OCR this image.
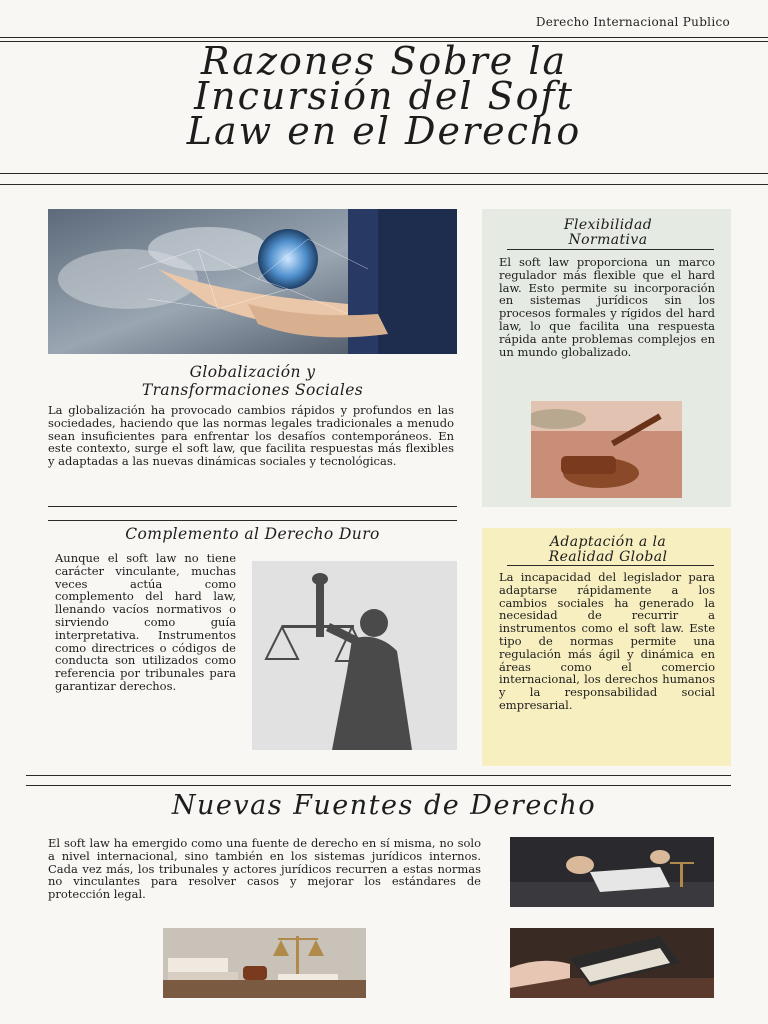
Derecho Internacional Publico
Razones Sobre la
Incursión del Soft
Law en el Derecho
Globalización y
Transformaciones Sociales
La globalización ha provocado cambios rápidos y profundos en las sociedades, haciendo que las normas legales tradicionales a menudo sean insuficientes para enfrentar los desafíos contemporáneos. En este contexto, surge el soft law, que facilita respuestas más flexibles y adaptadas a las nuevas dinámicas sociales y tecnológicas.
Flexibilidad
Normativa
El soft law proporciona un marco regulador más flexible que el hard law. Esto permite su incorporación en sistemas jurídicos sin los procesos formales y rígidos del hard law, lo que facilita una respuesta rápida ante problemas complejos en un mundo globalizado.
Complemento al Derecho Duro
Aunque el soft law no tiene carácter vinculante, muchas veces actúa como complemento del hard law, llenando vacíos normativos o sirviendo como guía interpretativa. Instrumentos como directrices o códigos de conducta son utilizados como referencia por tribunales para garantizar derechos.
Adaptación a la
Realidad Global
La incapacidad del legislador para adaptarse rápidamente a los cambios sociales ha generado la necesidad de recurrir a instrumentos como el soft law. Este tipo de normas permite una regulación más ágil y dinámica en áreas como el comercio internacional, los derechos humanos y la responsabilidad social empresarial.
Nuevas Fuentes de Derecho
El soft law ha emergido como una fuente de derecho en sí misma, no solo a nivel internacional, sino también en los sistemas jurídicos internos. Cada vez más, los tribunales y actores jurídicos recurren a estas normas no vinculantes para resolver casos y mejorar los estándares de protección legal.
